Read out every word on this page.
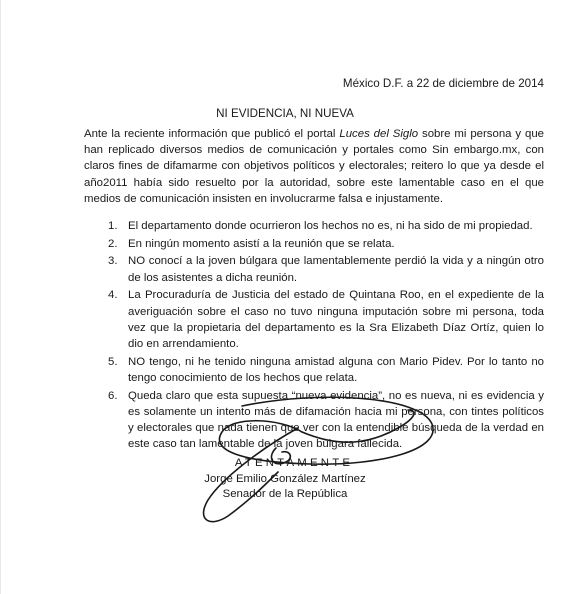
México D.F. a 22 de diciembre de 2014
NI EVIDENCIA, NI NUEVA
Ante la reciente información que publicó el portal Luces del Siglo sobre mi persona y que han replicado diversos medios de comunicación y portales como Sin embargo.mx, con claros fines de difamarme con objetivos políticos y electorales; reitero lo que ya desde el año2011 había sido resuelto por la autoridad, sobre este lamentable caso en el que medios de comunicación insisten en involucrarme falsa e injustamente.
1. El departamento donde ocurrieron los hechos no es, ni ha sido de mi propiedad.
2. En ningún momento asistí a la reunión que se relata.
3. NO conocí a la joven búlgara que lamentablemente perdió la vida y a ningún otro de los asistentes a dicha reunión.
4. La Procuraduría de Justicia del estado de Quintana Roo, en el expediente de la averiguación sobre el caso no tuvo ninguna imputación sobre mi persona, toda vez que la propietaria del departamento es la Sra Elizabeth Díaz Ortíz, quien lo dio en arrendamiento.
5. NO tengo, ni he tenido ninguna amistad alguna con Mario Pidev. Por lo tanto no tengo conocimiento de los hechos que relata.
6. Queda claro que esta supuesta “nueva evidencia”, no es nueva, ni es evidencia y es solamente un intento más de difamación hacia mi persona, con tintes políticos y electorales que nada tienen que ver con la entendible búsqueda de la verdad en este caso tan lamentable de la joven búlgara fallecida.
ATENTAMENTE
Jorge Emilio González Martínez
Senador de la República
